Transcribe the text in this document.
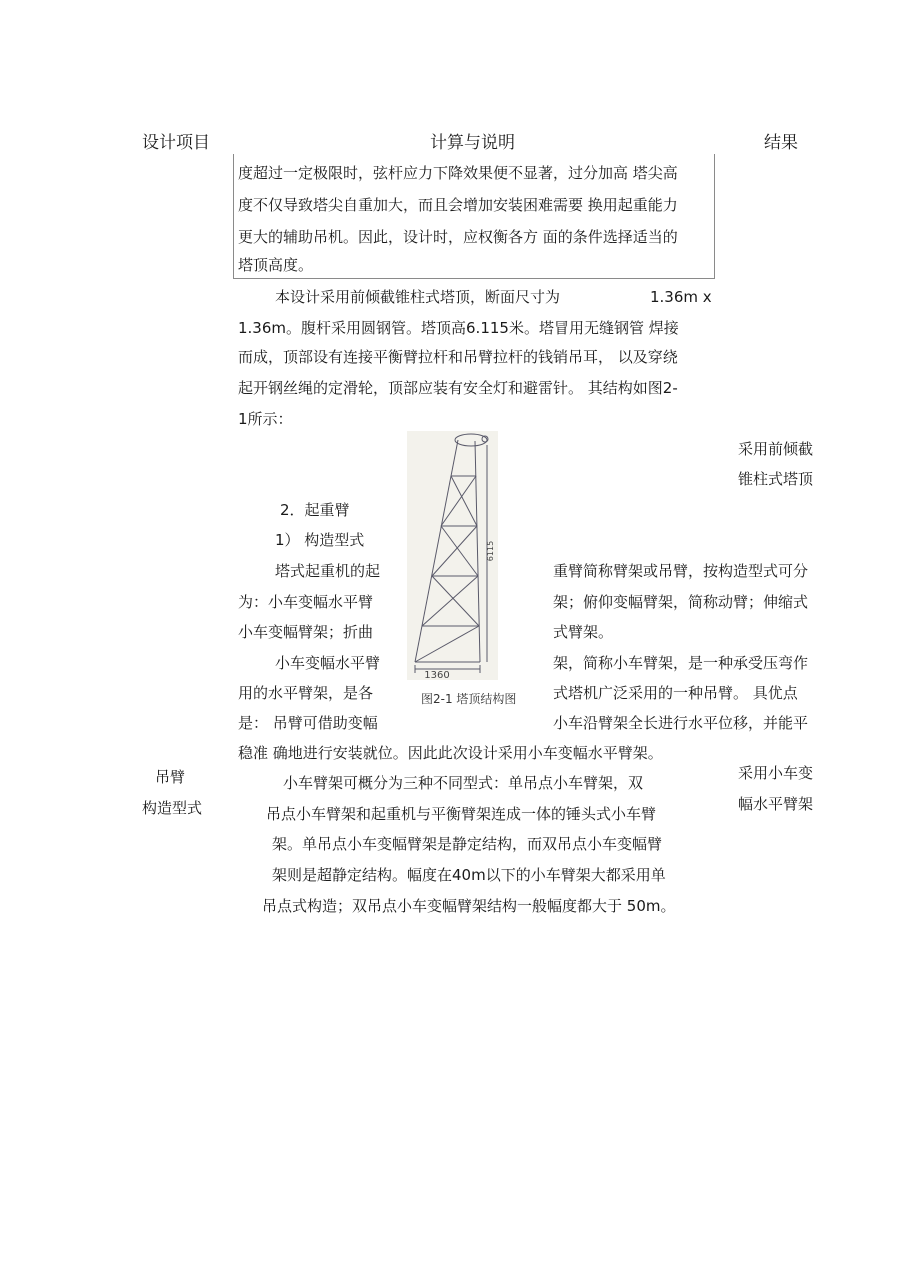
设计项目	计算与说明	结果
度超过一定极限时，弦杆应力下降效果便不显著，过分加高 塔尖高
度不仅导致塔尖自重加大，而且会增加安装困难需要 换用起重能力
更大的辅助吊机。因此，设计时，应权衡各方 面的条件选择适当的
塔顶高度。
本设计采用前倾截锥柱式塔顶，断面尺寸为	1.36m x
1.36m。腹杆采用圆钢管。塔顶高6.115米。塔冒用无缝钢管 焊接
而成，顶部设有连接平衡臂拉杆和吊臂拉杆的钱销吊耳， 以及穿绕
起开钢丝绳的定滑轮，顶部应装有安全灯和避雷针。 其结构如图2-
1所示：
采用前倾截
锥柱式塔顶
6115
1360
图2-1 塔顶结构图
2．起重臂
1） 构造型式
塔式起重机的起
为：小车变幅水平臂
小车变幅臂架；折曲
小车变幅水平臂
用的水平臂架，是各
是： 吊臂可借助变幅
重臂简称臂架或吊臂，按构造型式可分
架；俯仰变幅臂架，简称动臂；伸缩式
式臂架。
架，简称小车臂架，是一种承受压弯作
式塔机广泛采用的一种吊臂。 具优点
小车沿臂架全长进行水平位移，并能平
稳准 确地进行安装就位。因此此次设计采用小车变幅水平臂架。
吊臂
构造型式
采用小车变
幅水平臂架
小车臂架可概分为三种不同型式：单吊点小车臂架，双
吊点小车臂架和起重机与平衡臂架连成一体的锤头式小车臂
架。单吊点小车变幅臂架是静定结构，而双吊点小车变幅臂
架则是超静定结构。幅度在40m以下的小车臂架大都采用单
吊点式构造；双吊点小车变幅臂架结构一般幅度都大于 50m。
